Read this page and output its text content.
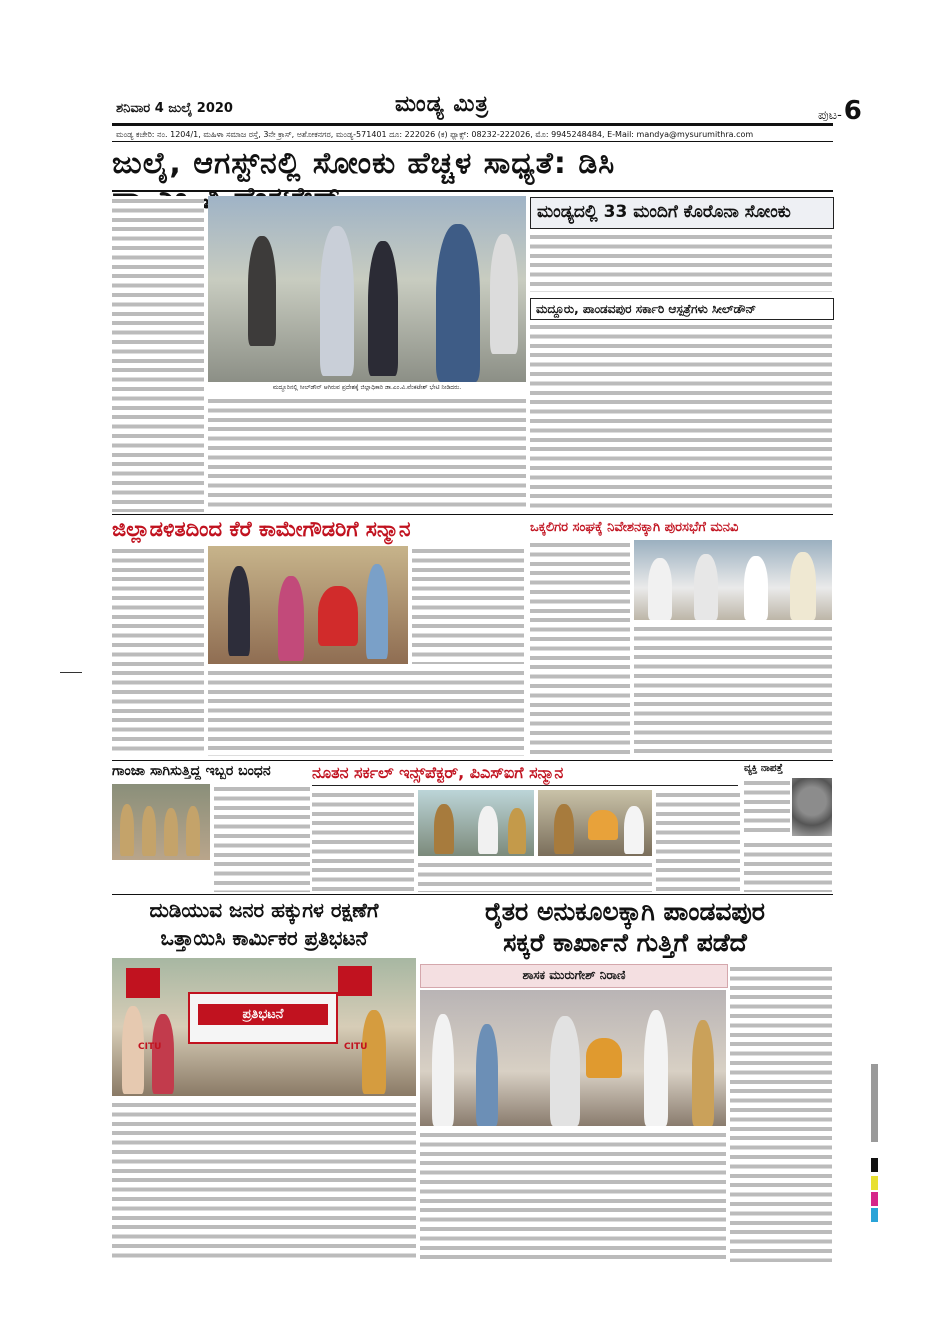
ಶನಿವಾರ 4 ಜುಲೈ 2020	ಮಂಡ್ಯ ಮಿತ್ರ	ಪುಟ-6
ಮಂಡ್ಯ ಕಚೇರಿ: ನಂ. 1204/1, ಮಹಿಳಾ ಸಮಾಜ ರಸ್ತೆ, 3ನೇ ಕ್ರಾಸ್, ಅಶೋಕನಗರ, ಮಂಡ್ಯ-571401 ದೂ: 222026 (ಕ) ಫ್ಯಾಕ್ಸ್: 08232-222026, ಮೊ: 9945248484, E-Mail: mandya@mysurumithra.com
ಜುಲೈ, ಆಗಸ್ಟ್‌ನಲ್ಲಿ ಸೋಂಕು ಹೆಚ್ಚಳ ಸಾಧ್ಯತೆ: ಡಿಸಿ
ಮದ್ದೂರಿನಲ್ಲಿ ಸೀಲ್‌ಡೌನ್ ಆಗಿರುವ ಪ್ರದೇಶಕ್ಕೆ ಜಿಲ್ಲಾಧಿಕಾರಿ ಡಾ.ಎಂ.ವಿ.ವೆಂಕಟೇಶ್ ಭೇಟಿ ನೀಡಿದರು.
ಮಂಡ್ಯದಲ್ಲಿ 33 ಮಂದಿಗೆ ಕೊರೊನಾ ಸೋಂಕು
ಮದ್ದೂರು, ಪಾಂಡವಪುರ ಸರ್ಕಾರಿ ಆಸ್ಪತ್ರೆಗಳು ಸೀಲ್‌ಡೌನ್
ಜಿಲ್ಲಾಡಳಿತದಿಂದ ಕೆರೆ ಕಾಮೇಗೌಡರಿಗೆ ಸನ್ಮಾನ	ಒಕ್ಕಲಿಗರ ಸಂಘಕ್ಕೆ ನಿವೇಶನಕ್ಕಾಗಿ ಪುರಸಭೆಗೆ ಮನವಿ
ಗಾಂಜಾ ಸಾಗಿಸುತ್ತಿದ್ದ ಇಬ್ಬರ ಬಂಧನ	ನೂತನ ಸರ್ಕಲ್ ಇನ್ಸ್‌ಪೆಕ್ಟರ್, ಪಿಎಸ್‌ಐಗೆ ಸನ್ಮಾನ	ವ್ಯಕ್ತಿ ನಾಪತ್ತೆ
ದುಡಿಯುವ ಜನರ ಹಕ್ಕುಗಳ ರಕ್ಷಣೆಗೆ
ಒತ್ತಾಯಿಸಿ ಕಾರ್ಮಿಕರ ಪ್ರತಿಭಟನೆ
ಪ್ರತಿಭಟನೆ
CITU	CITU
ರೈತರ ಅನುಕೂಲಕ್ಕಾಗಿ ಪಾಂಡವಪುರ
ಸಕ್ಕರೆ ಕಾರ್ಖಾನೆ ಗುತ್ತಿಗೆ ಪಡೆದೆ
ಶಾಸಕ ಮುರುಗೇಶ್ ನಿರಾಣಿ
